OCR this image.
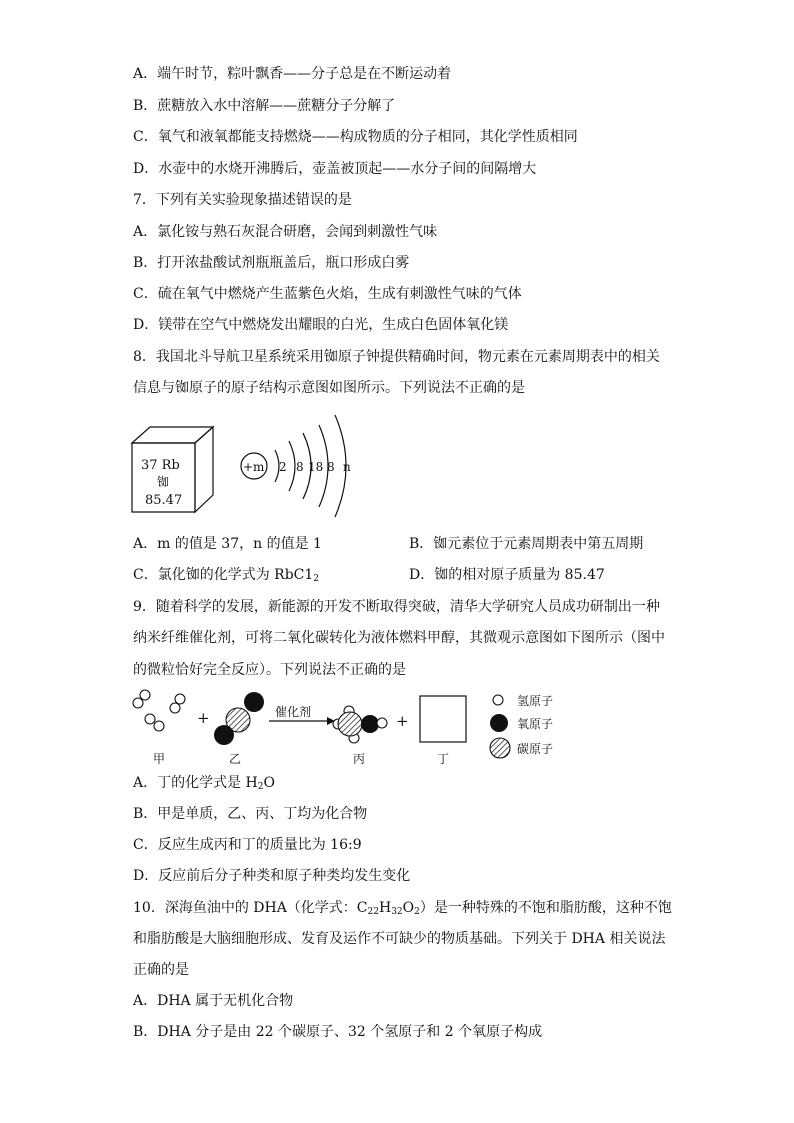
A．端午时节，粽叶飘香——分子总是在不断运动着
B．蔗糖放入水中溶解——蔗糖分子分解了
C．氧气和液氧都能支持燃烧——构成物质的分子相同，其化学性质相同
D．水壶中的水烧开沸腾后，壶盖被顶起——水分子间的间隔增大
7．下列有关实验现象描述错误的是
A．氯化铵与熟石灰混合研磨，会闻到刺激性气味
B．打开浓盐酸试剂瓶瓶盖后，瓶口形成白雾
C．硫在氧气中燃烧产生蓝紫色火焰，生成有刺激性气味的气体
D．镁带在空气中燃烧发出耀眼的白光，生成白色固体氧化镁
8．我国北斗导航卫星系统采用铷原子钟提供精确时间，物元素在元素周期表中的相关
信息与铷原子的原子结构示意图如图所示。下列说法不正确的是
37 Rb
铷
85.47
+m 2 8 18 8 n
A．m 的值是 37，n 的值是 1	B．铷元素位于元素周期表中第五周期
C．氯化铷的化学式为 $RbC1_2$	D．铷的相对原子质量为 85.47
9．随着科学的发展，新能源的开发不断取得突破，清华大学研究人员成功研制出一种
纳米纤维催化剂，可将二氧化碳转化为液体燃料甲醇，其微观示意图如下图所示（图中
的微粒恰好完全反应）。下列说法不正确的是
+	催化剂	+
甲	乙	丙	丁
氢原子
氧原子
碳原子
A．丁的化学式是 $H_2O$
B．甲是单质，乙、丙、丁均为化合物
C．反应生成丙和丁的质量比为 16:9
D．反应前后分子种类和原子种类均发生变化
10．深海鱼油中的 DHA（化学式：$C_{22}H_{32}O_2$）是一种特殊的不饱和脂肪酸，这种不饱
和脂肪酸是大脑细胞形成、发育及运作不可缺少的物质基础。下列关于 DHA 相关说法
正确的是
A．DHA 属于无机化合物
B．DHA 分子是由 22 个碳原子、32 个氢原子和 2 个氧原子构成
